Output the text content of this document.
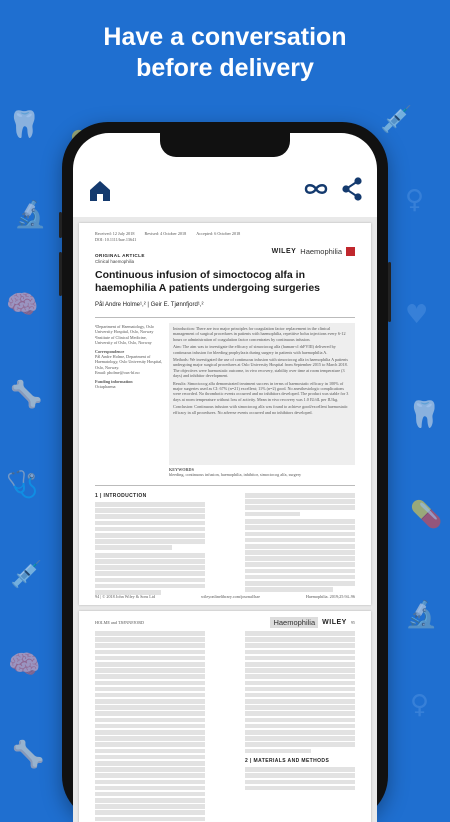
🦷	💉
♀
🔬
🧠	♥
🦴
🦷
🩺
💊
💉
🔬
🧠
♀
🦴
Have a conversation
before delivery
Received: 12 July 2018 Revised: 4 October 2018 Accepted: 6 October 2018
DOI: 10.1111/hae.13641
WILEY Haemophilia
ORIGINAL ARTICLE
Clinical haemophilia
Continuous infusion of simoctocog alfa in haemophilia A patients undergoing surgeries
Pål Andre Holme¹,² | Geir E. Tjønnfjord¹,²
¹Department of Haematology, Oslo University Hospital, Oslo, Norway
²Institute of Clinical Medicine, University of Oslo, Oslo, Norway
Correspondence
Pål Andre Holme, Department of Haematology, Oslo University Hospital, Oslo, Norway.
Email: pholme@ous-hf.no
Funding information
Octapharma

Introduction: There are two major principles for coagulation factor replacement in the clinical management of surgical procedures in patients with haemophilia, repetitive bolus injections every 6-12 hours or administration of coagulation factor concentrates by continuous infusion.

Aim: The aim was to investigate the efficacy of simoctocog alfa (human-cl rhFVIII) delivered by continuous infusion for bleeding prophylaxis during surgery in patients with haemophilia A.

Methods: We investigated the use of continuous infusion with simoctocog alfa in haemophilia A patients undergoing major surgical procedures at Oslo University Hospital from September 2015 to March 2018. The objectives were haemostatic outcome, in vivo recovery, stability over time at room temperature (3 days) and inhibitor development.

Results: Simoctocog alfa demonstrated treatment success in terms of haemostatic efficacy in 100% of major surgeries used as CI: 67% (n=21) excellent; 11% (n=2) good. No anesthesiologic complications were recorded. No thrombotic events occurred and no inhibitors developed. The product was stable for 3 days at room temperature without loss of activity. Mean in vivo recovery was 1.0 IU/dL per IU/kg.

Conclusion: Continuous infusion with simoctocog alfa was found to achieve good/excellent haemostatic efficacy in all procedures. No adverse events occurred and no inhibitors developed.

KEYWORDS
bleeding, continuous infusion, haemophilia, inhibitor, simoctocog alfa, surgery
1 | INTRODUCTION
94 | © 2018 John Wiley & Sons Ltd	wileyonlinelibrary.com/journal/hae	Haemophilia. 2019;25:94–96
HOLME and TJØNNFJORD	Haemophilia	WILEY 95
2 | MATERIALS AND METHODS
